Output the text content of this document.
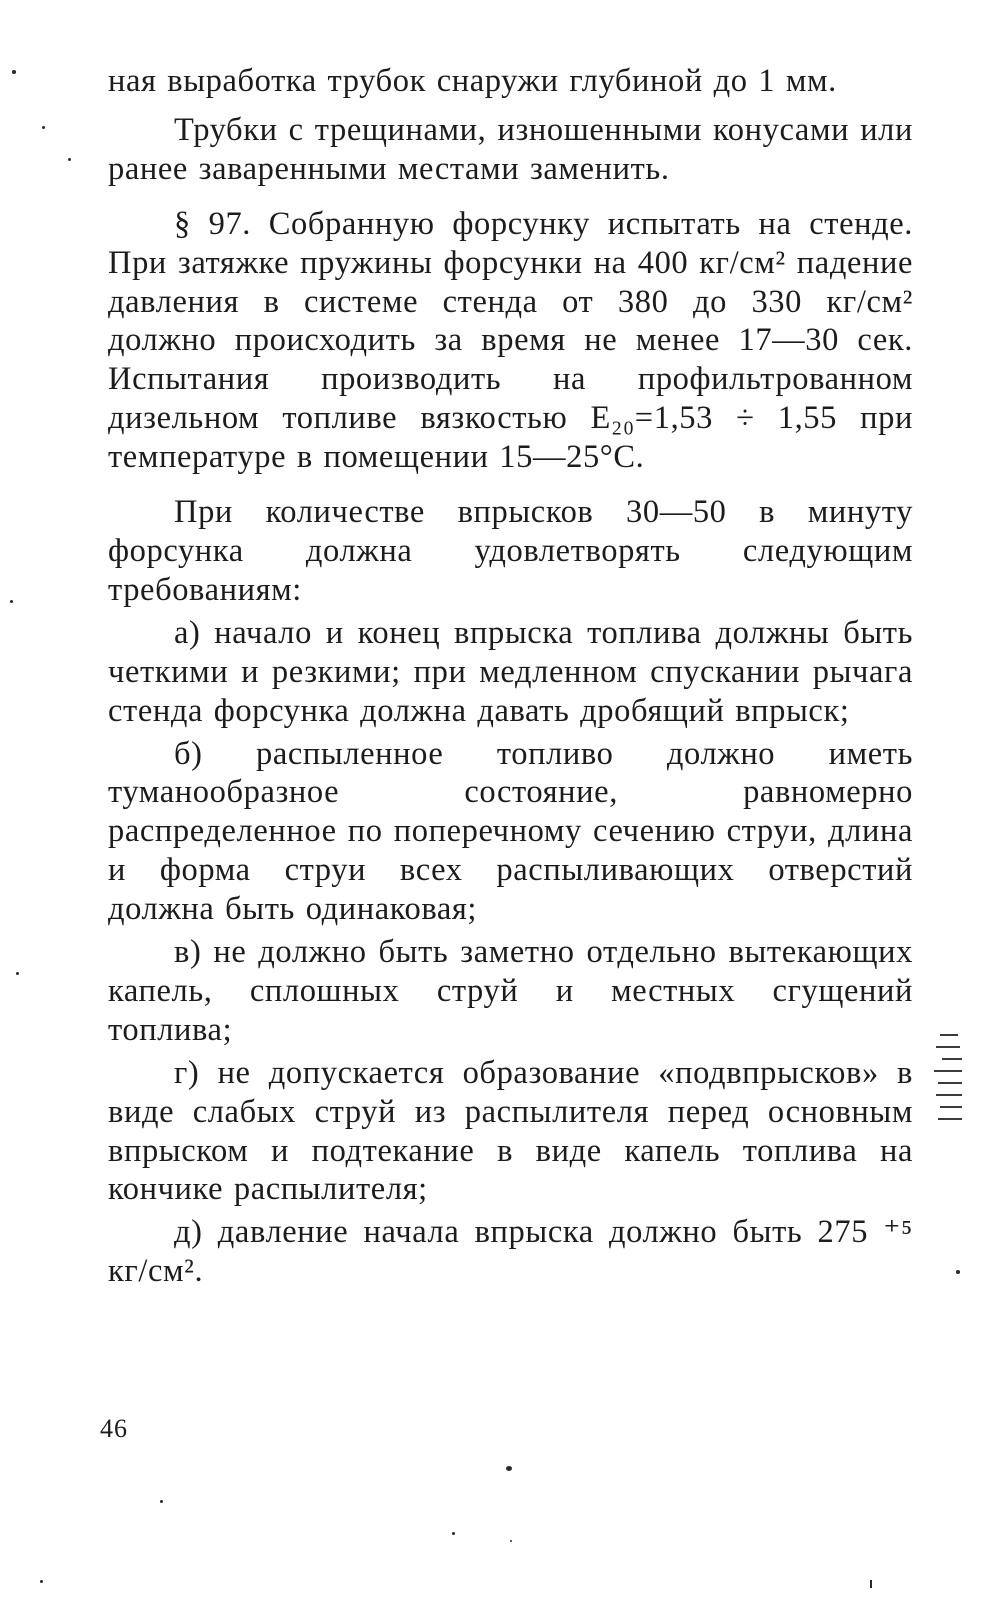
ная выработка трубок снаружи глубиной до 1 мм.

Трубки с трещинами, изношенными конусами или ранее заваренными местами заменить.

§ 97. Собранную форсунку испытать на стенде. При затяжке пружины форсунки на 400 кг/см² падение давления в системе стенда от 380 до 330 кг/см² должно происходить за время не менее 17—30 сек. Испытания производить на профильтрованном дизельном топливе вязкостью E₂₀=1,53 ÷ 1,55 при температуре в помещении 15—25°С.

При количестве впрысков 30—50 в минуту форсунка должна удовлетворять следующим требованиям:

а) начало и конец впрыска топлива должны быть четкими и резкими; при медленном спускании рычага стенда форсунка должна давать дробящий впрыск;

б) распыленное топливо должно иметь туманообразное состояние, равномерно распределенное по поперечному сечению струи, длина и форма струи всех распыливающих отверстий должна быть одинаковая;

в) не должно быть заметно отдельно вытекающих капель, сплошных струй и местных сгущений топлива;

г) не допускается образование «подвпрысков» в виде слабых струй из распылителя перед основным впрыском и подтекание в виде капель топлива на кончике распылителя;

д) давление начала впрыска должно быть 275 ⁺⁵ кг/см².

46
